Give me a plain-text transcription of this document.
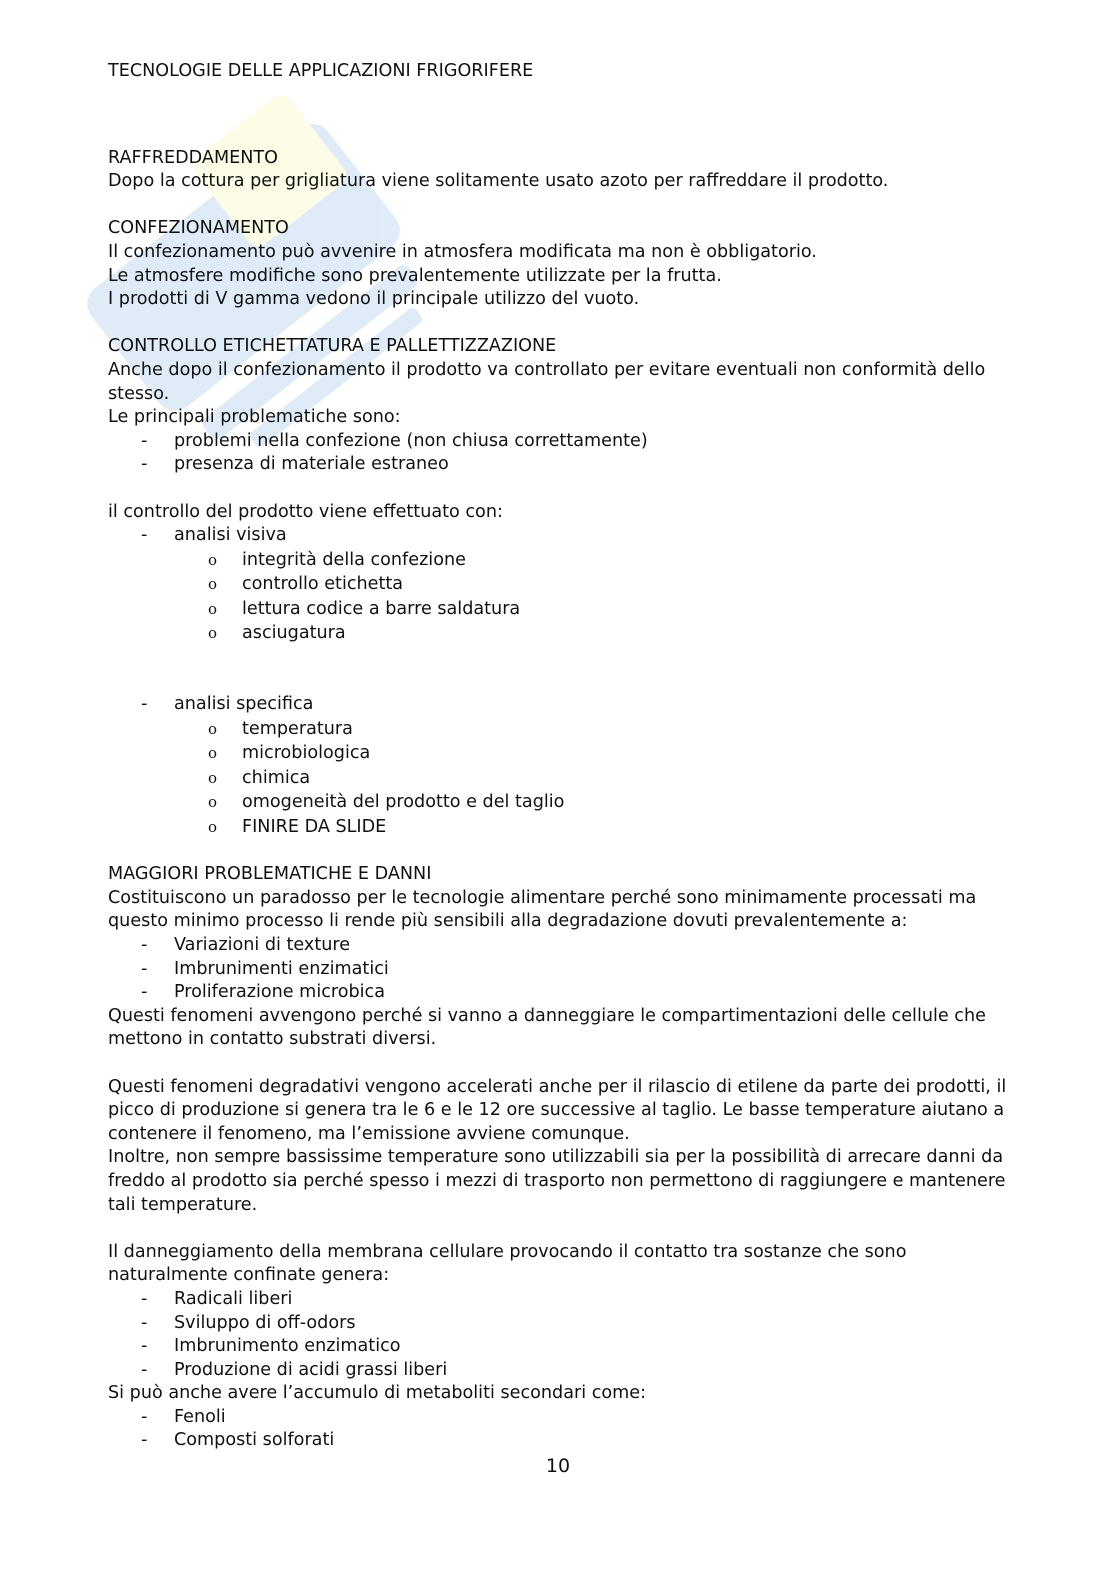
TECNOLOGIE DELLE APPLICAZIONI FRIGORIFERE
RAFFREDDAMENTO

Dopo la cottura per grigliatura viene solitamente usato azoto per raffreddare il prodotto.

CONFEZIONAMENTO

Il confezionamento può avvenire in atmosfera modificata ma non è obbligatorio.

Le atmosfere modifiche sono prevalentemente utilizzate per la frutta.

I prodotti di V gamma vedono il principale utilizzo del vuoto.

CONTROLLO ETICHETTATURA E PALLETTIZZAZIONE

Anche dopo il confezionamento il prodotto va controllato per evitare eventuali non conformità dello stesso.

Le principali problematiche sono:

- problemi nella confezione (non chiusa correttamente)
- presenza di materiale estraneo

il controllo del prodotto viene effettuato con:

- analisi visiva
o integrità della confezione
o controllo etichetta
o lettura codice a barre saldatura
o asciugatura
- analisi specifica
o temperatura
o microbiologica
o chimica
o omogeneità del prodotto e del taglio
o FINIRE DA SLIDE
MAGGIORI PROBLEMATICHE E DANNI

Costituiscono un paradosso per le tecnologie alimentare perché sono minimamente processati ma questo minimo processo li rende più sensibili alla degradazione dovuti prevalentemente a:

- Variazioni di texture
- Imbrunimenti enzimatici
- Proliferazione microbica

Questi fenomeni avvengono perché si vanno a danneggiare le compartimentazioni delle cellule che mettono in contatto substrati diversi.

Questi fenomeni degradativi vengono accelerati anche per il rilascio di etilene da parte dei prodotti, il picco di produzione si genera tra le 6 e le 12 ore successive al taglio. Le basse temperature aiutano a contenere il fenomeno, ma l’emissione avviene comunque.

Inoltre, non sempre bassissime temperature sono utilizzabili sia per la possibilità di arrecare danni da freddo al prodotto sia perché spesso i mezzi di trasporto non permettono di raggiungere e mantenere tali temperature.

Il danneggiamento della membrana cellulare provocando il contatto tra sostanze che sono naturalmente confinate genera:

- Radicali liberi
- Sviluppo di off-odors
- Imbrunimento enzimatico
- Produzione di acidi grassi liberi

Si può anche avere l’accumulo di metaboliti secondari come:

- Fenoli
- Composti solforati
10
